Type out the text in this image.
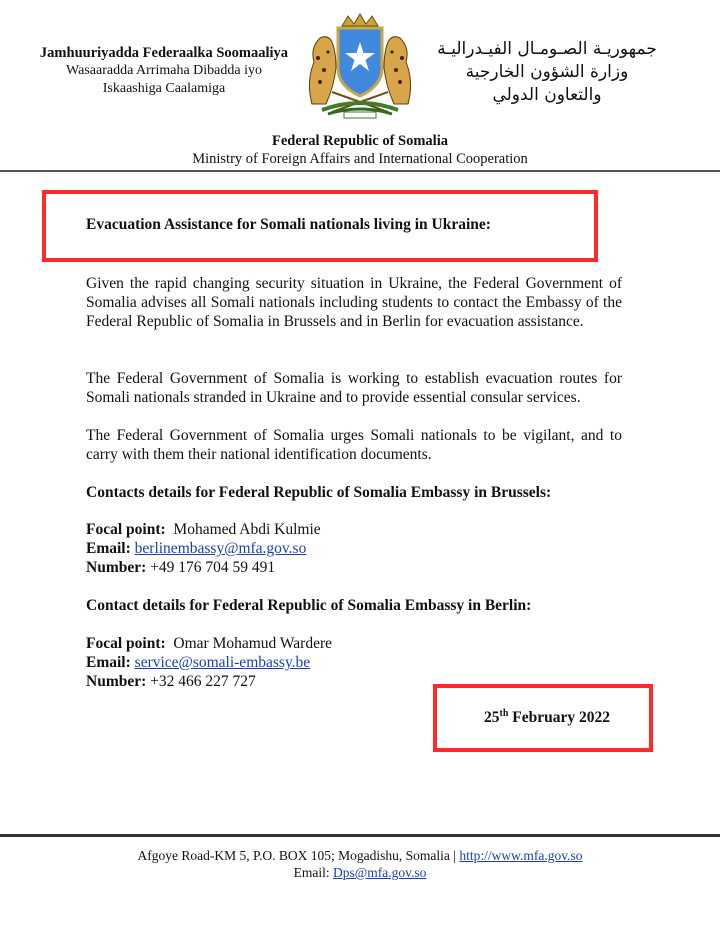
Jamhuuriyadda Federaalka Soomaaliya
Wasaaradda Arrimaha Dibadda iyo
Iskaashiga Caalamiga
جمهوريـة الصـومـال الفيـدراليـة
وزارة الشؤون الخارجية
والتعاون الدولي
Federal Republic of Somalia
Ministry of Foreign Affairs and International Cooperation
Evacuation Assistance for Somali nationals living in Ukraine:
Given the rapid changing security situation in Ukraine, the Federal Government of Somalia advises all Somali nationals including students to contact the Embassy of the Federal Republic of Somalia in Brussels and in Berlin for evacuation assistance.
The Federal Government of Somalia is working to establish evacuation routes for Somali nationals stranded in Ukraine and to provide essential consular services.
The Federal Government of Somalia urges Somali nationals to be vigilant, and to carry with them their national identification documents.
Contacts details for Federal Republic of Somalia Embassy in Brussels:
Focal point: Mohamed Abdi Kulmie
Email: berlinembassy@mfa.gov.so
Number: +49 176 704 59 491
Contact details for Federal Republic of Somalia Embassy in Berlin:
Focal point: Omar Mohamud Wardere
Email: service@somali-embassy.be
Number: +32 466 227 727
25th February 2022
Afgoye Road-KM 5, P.O. BOX 105; Mogadishu, Somalia | http://www.mfa.gov.so
Email: Dps@mfa.gov.so
